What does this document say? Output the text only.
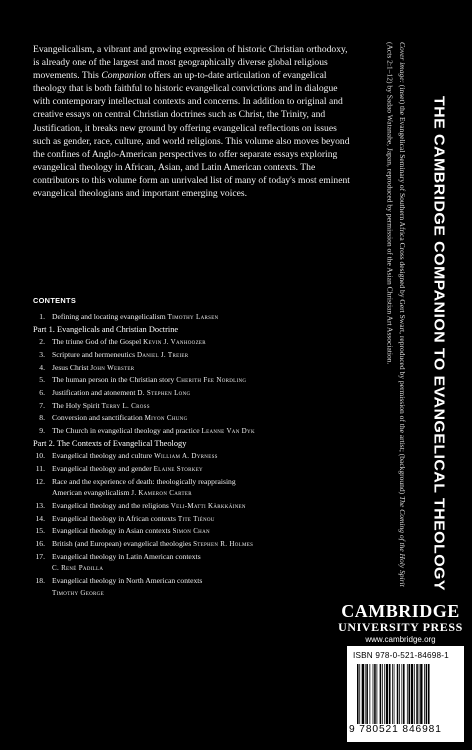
Evangelicalism, a vibrant and growing expression of historic Christian orthodoxy, is already one of the largest and most geographically diverse global religious movements. This Companion offers an up-to-date articulation of evangelical theology that is both faithful to historic evangelical convictions and in dialogue with contemporary intellectual contexts and concerns. In addition to original and creative essays on central Christian doctrines such as Christ, the Trinity, and Justification, it breaks new ground by offering evangelical reflections on issues such as gender, race, culture, and world religions. This volume also moves beyond the confines of Anglo-American perspectives to offer separate essays exploring evangelical theology in African, Asian, and Latin American contexts. The contributors to this volume form an unrivaled list of many of today's most eminent evangelical theologians and important emerging voices.
CONTENTS
1. Defining and locating evangelicalism Timothy Larsen
Part 1. Evangelicals and Christian Doctrine
2. The triune God of the Gospel Kevin J. Vanhoozer
3. Scripture and hermeneutics Daniel J. Treier
4. Jesus Christ John Webster
5. The human person in the Christian story Cherith Fee Nordling
6. Justification and atonement D. Stephen Long
7. The Holy Spirit Terry L. Cross
8. Conversion and sanctification Miyon Chung
9. The Church in evangelical theology and practice Leanne Van Dyk
Part 2. The Contexts of Evangelical Theology
10. Evangelical theology and culture William A. Dyrness
11. Evangelical theology and gender Elaine Storkey
12. Race and the experience of death: theologically reappraising
American evangelicalism J. Kameron Carter
13. Evangelical theology and the religions Veli-Matti Kärkkäinen
14. Evangelical theology in African contexts Tite Tiénou
15. Evangelical theology in Asian contexts Simon Chan
16. British (and European) evangelical theologies Stephen R. Holmes
17. Evangelical theology in Latin American contexts
C. René Padilla
18. Evangelical theology in North American contexts
Timothy George
Cover image: (inset) the Evangelical Seminary of Southern Africa Cross designed by Gert Swart, reproduced by permission of the artist; (background) The Coming of the Holy Spirit (Acts 2:1–12) by Sadao Watanabe, Japan, reproduced by permission of the Asian Christian Art Association.	THE CAMBRIDGE COMPANION TO EVANGELICAL THEOLOGY
CAMBRIDGE
UNIVERSITY PRESS
www.cambridge.org
ISBN 978-0-521-84698-1
9 780521 846981
